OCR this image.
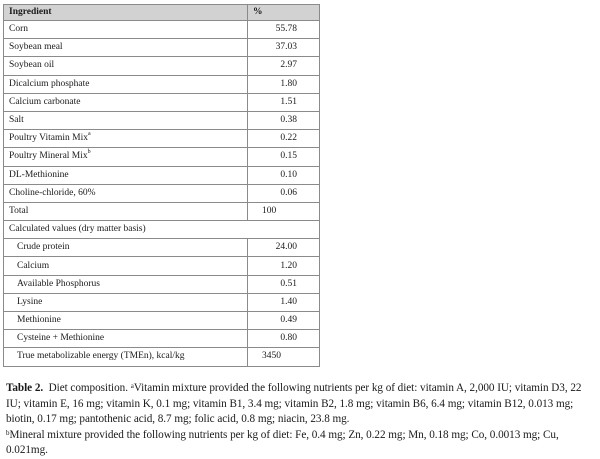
Ingredient	%
Corn	55.78
Soybean meal	37.03
Soybean oil	2.97
Dicalcium phosphate	1.80
Calcium carbonate	1.51
Salt	0.38
Poultry Vitamin Mix$^a$	0.22
Poultry Mineral Mix$^b$	0.15
DL-Methionine	0.10
Choline-chloride, 60%	0.06
Total	100
Calculated values (dry matter basis)	
Crude protein	24.00
Calcium	1.20
Available Phosphorus	0.51
Lysine	1.40
Methionine	0.49
Cysteine + Methionine	0.80
True metabolizable energy (TMEn), kcal/kg	3450
Table 2. Diet composition. $^a$Vitamin mixture provided the following nutrients per kg of diet: vitamin A, 2,000 IU; vitamin D3, 22 IU; vitamin E, 16 mg; vitamin K, 0.1 mg; vitamin B1, 3.4 mg; vitamin B2, 1.8 mg; vitamin B6, 6.4 mg; vitamin B12, 0.013 mg; biotin, 0.17 mg; pantothenic acid, 8.7 mg; folic acid, 0.8 mg; niacin, 23.8 mg.
$^b$Mineral mixture provided the following nutrients per kg of diet: Fe, 0.4 mg; Zn, 0.22 mg; Mn, 0.18 mg; Co, 0.0013 mg; Cu, 0.021mg.
